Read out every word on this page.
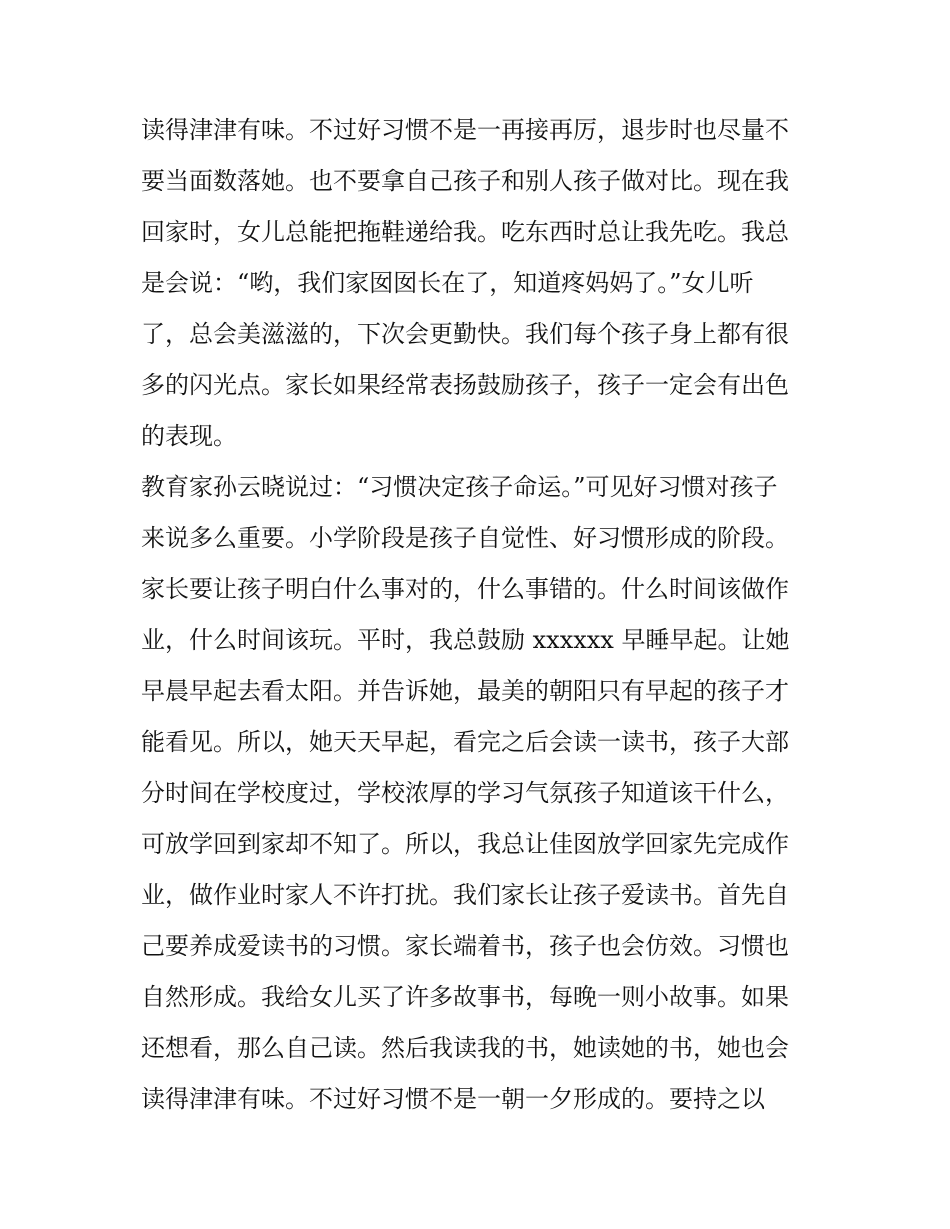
读得津津有味。不过好习惯不是一再接再厉，退步时也尽量不
要当面数落她。也不要拿自己孩子和别人孩子做对比。现在我
回家时，女儿总能把拖鞋递给我。吃东西时总让我先吃。我总
是会说：“哟，我们家囡囡长在了，知道疼妈妈了。”女儿听
了，总会美滋滋的，下次会更勤快。我们每个孩子身上都有很
多的闪光点。家长如果经常表扬鼓励孩子，孩子一定会有出色
的表现。
教育家孙云晓说过：“习惯决定孩子命运。”可见好习惯对孩子
来说多么重要。小学阶段是孩子自觉性、好习惯形成的阶段。
家长要让孩子明白什么事对的，什么事错的。什么时间该做作
业，什么时间该玩。平时，我总鼓励 xxxxxx 早睡早起。让她
早晨早起去看太阳。并告诉她，最美的朝阳只有早起的孩子才
能看见。所以，她天天早起，看完之后会读一读书，孩子大部
分时间在学校度过，学校浓厚的学习气氛孩子知道该干什么，
可放学回到家却不知了。所以，我总让佳囡放学回家先完成作
业，做作业时家人不许打扰。我们家长让孩子爱读书。首先自
己要养成爱读书的习惯。家长端着书，孩子也会仿效。习惯也
自然形成。我给女儿买了许多故事书，每晚一则小故事。如果
还想看，那么自己读。然后我读我的书，她读她的书，她也会
读得津津有味。不过好习惯不是一朝一夕形成的。要持之以
